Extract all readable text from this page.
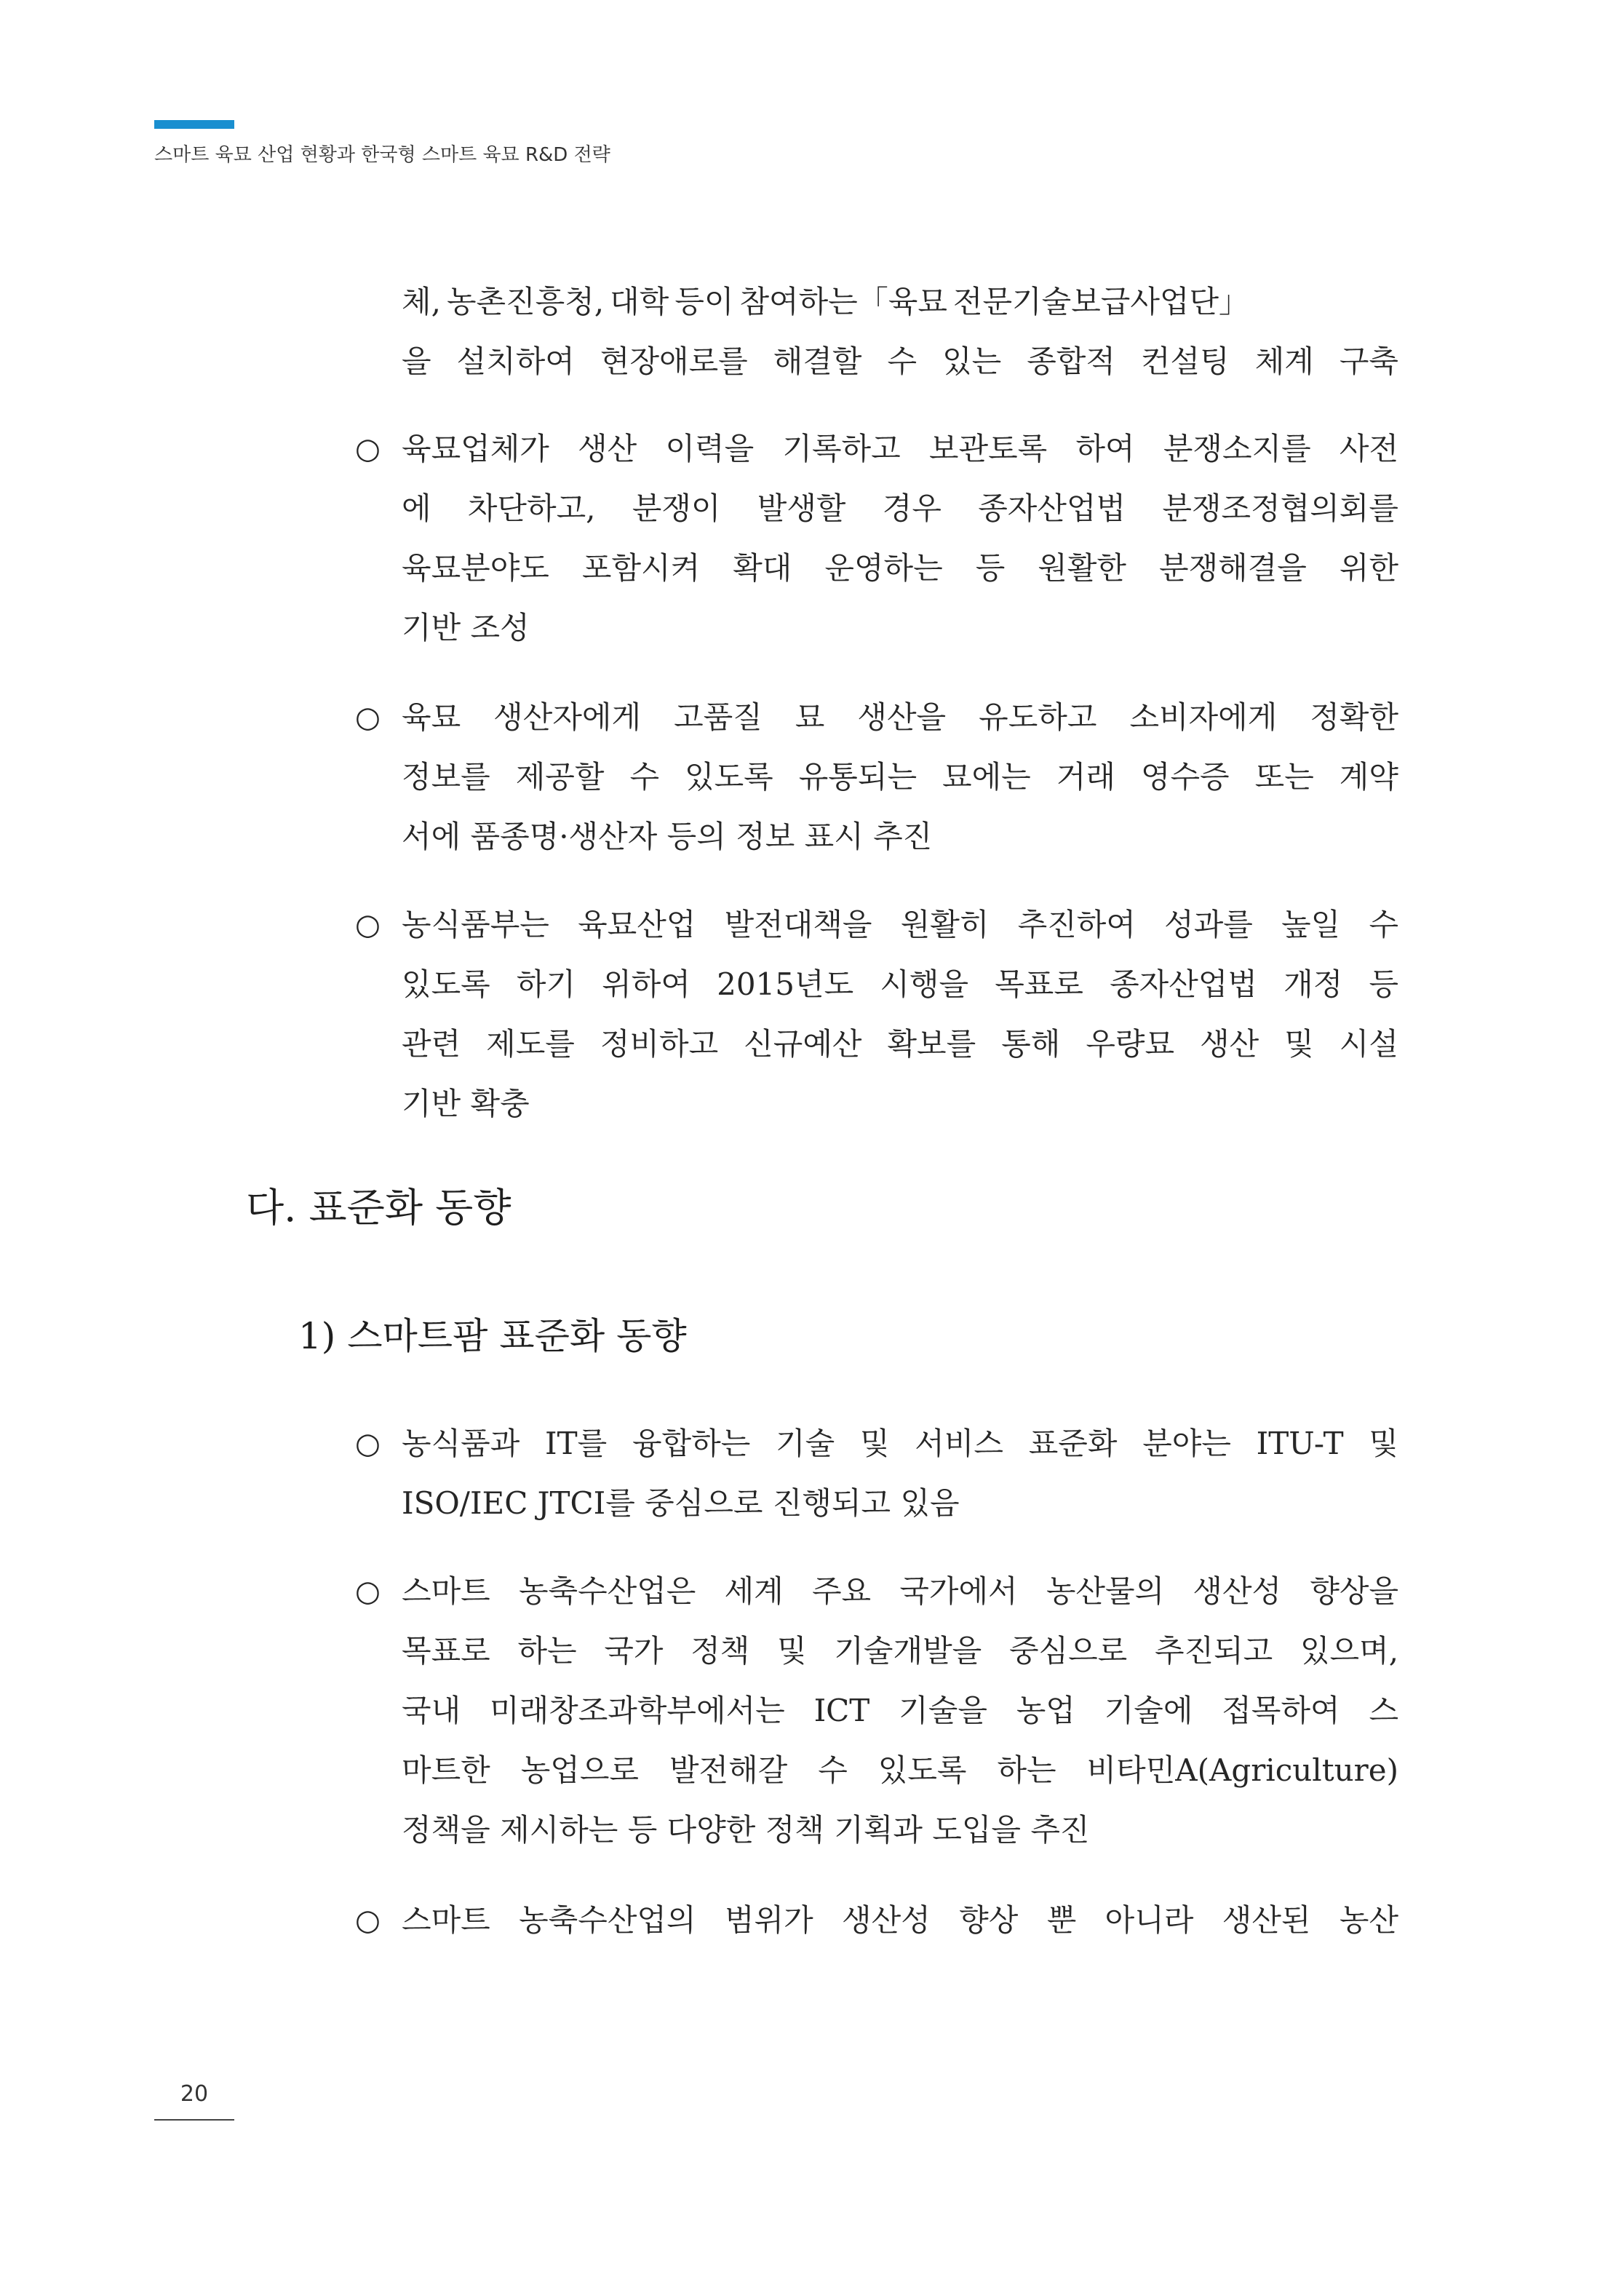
스마트 육묘 산업 현황과 한국형 스마트 육묘 R&D 전략
체, 농촌진흥청, 대학 등이 참여하는「육묘 전문기술보급사업단」
을 설치하여 현장애로를 해결할 수 있는 종합적 컨설팅 체계 구축
○ 육묘업체가 생산 이력을 기록하고 보관토록 하여 분쟁소지를 사전
에 차단하고, 분쟁이 발생할 경우 종자산업법 분쟁조정협의회를
육묘분야도 포함시켜 확대 운영하는 등 원활한 분쟁해결을 위한
기반 조성
○ 육묘 생산자에게 고품질 묘 생산을 유도하고 소비자에게 정확한
정보를 제공할 수 있도록 유통되는 묘에는 거래 영수증 또는 계약
서에 품종명·생산자 등의 정보 표시 추진
○ 농식품부는 육묘산업 발전대책을 원활히 추진하여 성과를 높일 수
있도록 하기 위하여 2015년도 시행을 목표로 종자산업법 개정 등
관련 제도를 정비하고 신규예산 확보를 통해 우량묘 생산 및 시설
기반 확충
다. 표준화 동향
1) 스마트팜 표준화 동향
○ 농식품과 IT를 융합하는 기술 및 서비스 표준화 분야는 ITU-T 및
ISO/IEC JTCI를 중심으로 진행되고 있음
○ 스마트 농축수산업은 세계 주요 국가에서 농산물의 생산성 향상을
목표로 하는 국가 정책 및 기술개발을 중심으로 추진되고 있으며,
국내 미래창조과학부에서는 ICT 기술을 농업 기술에 접목하여 스
마트한 농업으로 발전해갈 수 있도록 하는 비타민A(Agriculture)
정책을 제시하는 등 다양한 정책 기획과 도입을 추진
○ 스마트 농축수산업의 범위가 생산성 향상 뿐 아니라 생산된 농산
20
